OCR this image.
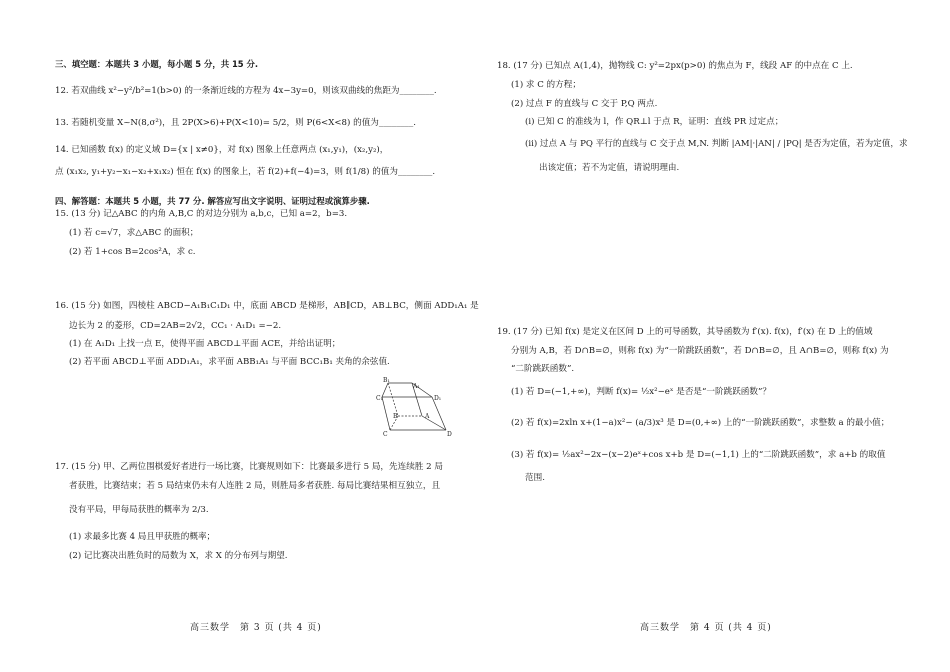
三、填空题：本题共 3 小题，每小题 5 分，共 15 分.
12. 若双曲线 x²−y²/b²=1(b>0) 的一条渐近线的方程为 4x−3y=0，则该双曲线的焦距为________.
13. 若随机变量 X~N(8,σ²)，且 2P(X>6)+P(X<10)= 5/2，则 P(6<X<8) 的值为________.
14. 已知函数 f(x) 的定义域 D={x | x≠0}，对 f(x) 图象上任意两点 (x₁,y₁)，(x₂,y₂)，
点 (x₁x₂, y₁+y₂−x₁−x₂+x₁x₂) 恒在 f(x) 的图象上，若 f(2)+f(−4)=3，则 f(1/8) 的值为________.
四、解答题：本题共 5 小题，共 77 分. 解答应写出文字说明、证明过程或演算步骤.
15. (13 分) 记△ABC 的内角 A,B,C 的对边分别为 a,b,c，已知 a=2，b=3.
(1) 若 c=√7，求△ABC 的面积；
(2) 若 1+cos B=2cos²A，求 c.
16. (15 分) 如图，四棱柱 ABCD−A₁B₁C₁D₁ 中，底面 ABCD 是梯形，AB∥CD，AB⊥BC，侧面 ADD₁A₁ 是
边长为 2 的菱形，CD=2AB=2√2，CC₁ · A₁D₁ =−2.
(1) 在 A₁D₁ 上找一点 E，使得平面 ABCD⊥平面 ACE，并给出证明；
(2) 若平面 ABCD⊥平面 ADD₁A₁，求平面 ABB₁A₁ 与平面 BCC₁B₁ 夹角的余弦值.
B₁
A₁
C₁	D₁
B	A
C	D
17. (15 分) 甲、乙两位围棋爱好者进行一场比赛，比赛规则如下：比赛最多进行 5 局，先连续胜 2 局
者获胜，比赛结束；若 5 局结束仍未有人连胜 2 局，则胜局多者获胜. 每局比赛结果相互独立，且
没有平局，甲每局获胜的概率为 2/3.
(1) 求最多比赛 4 局且甲获胜的概率；
(2) 记比赛决出胜负时的局数为 X，求 X 的分布列与期望.
高三数学　第 3 页 (共 4 页)
18. (17 分) 已知点 A(1,4)，抛物线 C: y²=2px(p>0) 的焦点为 F，线段 AF 的中点在 C 上.
(1) 求 C 的方程；
(2) 过点 F 的直线与 C 交于 P,Q 两点.
(i) 已知 C 的准线为 l，作 QR⊥l 于点 R，证明：直线 PR 过定点；
(ii) 过点 A 与 PQ 平行的直线与 C 交于点 M,N. 判断 |AM|·|AN| / |PQ| 是否为定值，若为定值，求
出该定值；若不为定值，请说明理由.
19. (17 分) 已知 f(x) 是定义在区间 D 上的可导函数，其导函数为 f′(x). f(x)，f′(x) 在 D 上的值域
分别为 A,B，若 D∩B=∅，则称 f(x) 为“一阶跳跃函数”，若 D∩B=∅，且 A∩B=∅，则称 f(x) 为
“二阶跳跃函数”.
(1) 若 D=(−1,+∞)，判断 f(x)= ½x²−eˣ 是否是“一阶跳跃函数”？
(2) 若 f(x)=2xln x+(1−a)x²− (a/3)x³ 是 D=(0,+∞) 上的“一阶跳跃函数”，求整数 a 的最小值；
(3) 若 f(x)= ½ax²−2x−(x−2)eˣ+cos x+b 是 D=(−1,1) 上的“二阶跳跃函数”，求 a+b 的取值
范围.
高三数学　第 4 页 (共 4 页)
